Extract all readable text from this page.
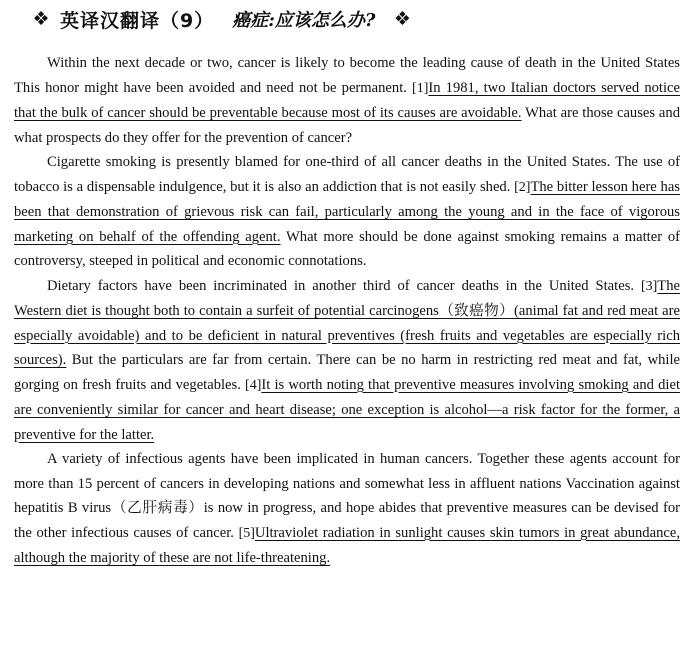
❖ 英译汉翻译（9） 癌症:应该怎么办? ❖

Within the next decade or two, cancer is likely to become the leading cause of death in the United States This honor might have been avoided and need not be permanent. [1]In 1981, two Italian doctors served notice that the bulk of cancer should be preventable because most of its causes are avoidable. What are those causes and what prospects do they offer for the prevention of cancer?

Cigarette smoking is presently blamed for one-third of all cancer deaths in the United States. The use of tobacco is a dispensable indulgence, but it is also an addiction that is not easily shed. [2]The bitter lesson here has been that demonstration of grievous risk can fail, particularly among the young and in the face of vigorous marketing on behalf of the offending agent. What more should be done against smoking remains a matter of controversy, steeped in political and economic connotations.

Dietary factors have been incriminated in another third of cancer deaths in the United States. [3]The Western diet is thought both to contain a surfeit of potential carcinogens（致癌物）(animal fat and red meat are especially avoidable) and to be deficient in natural preventives (fresh fruits and vegetables are especially rich sources). But the particulars are far from certain. There can be no harm in restricting red meat and fat, while gorging on fresh fruits and vegetables. [4]It is worth noting that preventive measures involving smoking and diet are conveniently similar for cancer and heart disease; one exception is alcohol—a risk factor for the former, a preventive for the latter.

A variety of infectious agents have been implicated in human cancers. Together these agents account for more than 15 percent of cancers in developing nations and somewhat less in affluent nations Vaccination against hepatitis B virus（乙肝病毒）is now in progress, and hope abides that preventive measures can be devised for the other infectious causes of cancer. [5]Ultraviolet radiation in sunlight causes skin tumors in great abundance, although the majority of these are not life-threatening.
